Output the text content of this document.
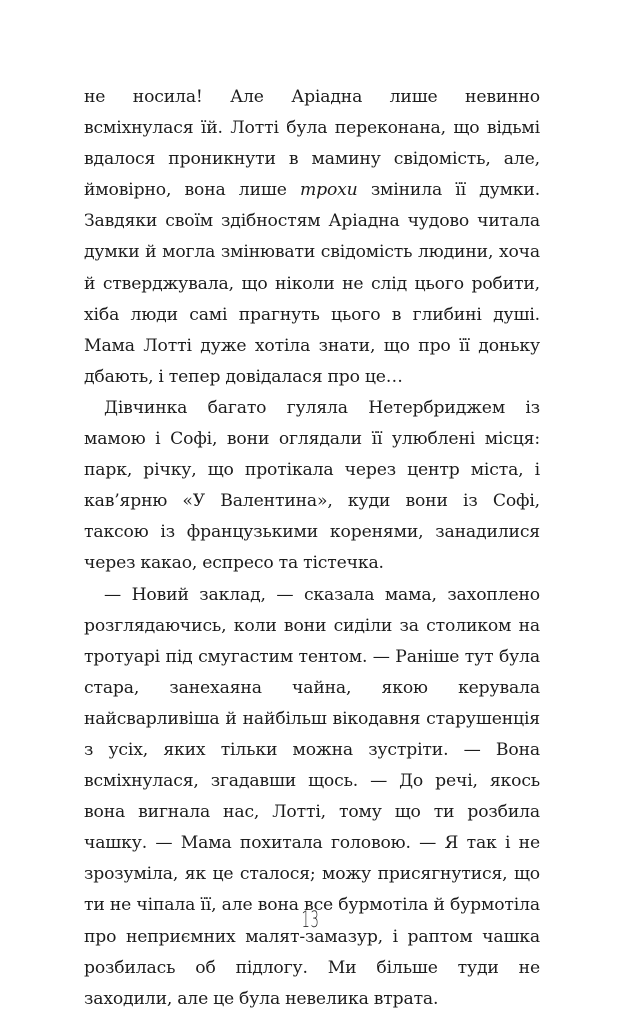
не носила! Але Аріадна лише невинно всміхнулася їй. Лотті була переконана, що відьмі вдалося проникнути в мамину свідомість, але, ймовірно, вона лише трохи змінила її думки. Завдяки своїм здібностям Аріадна чудово читала думки й могла змінювати свідомість людини, хоча й стверджувала, що ніколи не слід цього робити, хіба люди самі прагнуть цього в глибині душі. Мама Лотті дуже хотіла знати, що про її доньку дбають, і тепер довідалася про це…

Дівчинка багато гуляла Нетербриджем із мамою і Софі, вони оглядали її улюблені місця: парк, річку, що протікала через центр міста, і кав’ярню «У Валентина», куди вони із Софі, таксою із французькими коренями, занадилися через какао, еспресо та тістечка.

— Новий заклад, — сказала мама, захоплено розглядаючись, коли вони сиділи за столиком на тротуарі під смугастим тентом. — Раніше тут була стара, занехаяна чайна, якою керувала найсварливіша й найбільш вікодавня старушенція з усіх, яких тільки можна зустріти. — Вона всміхнулася, згадавши щось. — До речі, якось вона вигнала нас, Лотті, тому що ти розбила чашку. — Мама похитала головою. — Я так і не зрозуміла, як це сталося; можу присягнутися, що ти не чіпала її, але вона все бурмотіла й бурмотіла про неприємних малят-замазур, і раптом чашка розбилась об підлогу. Ми більше туди не заходили, але це була невелика втрата.

13
